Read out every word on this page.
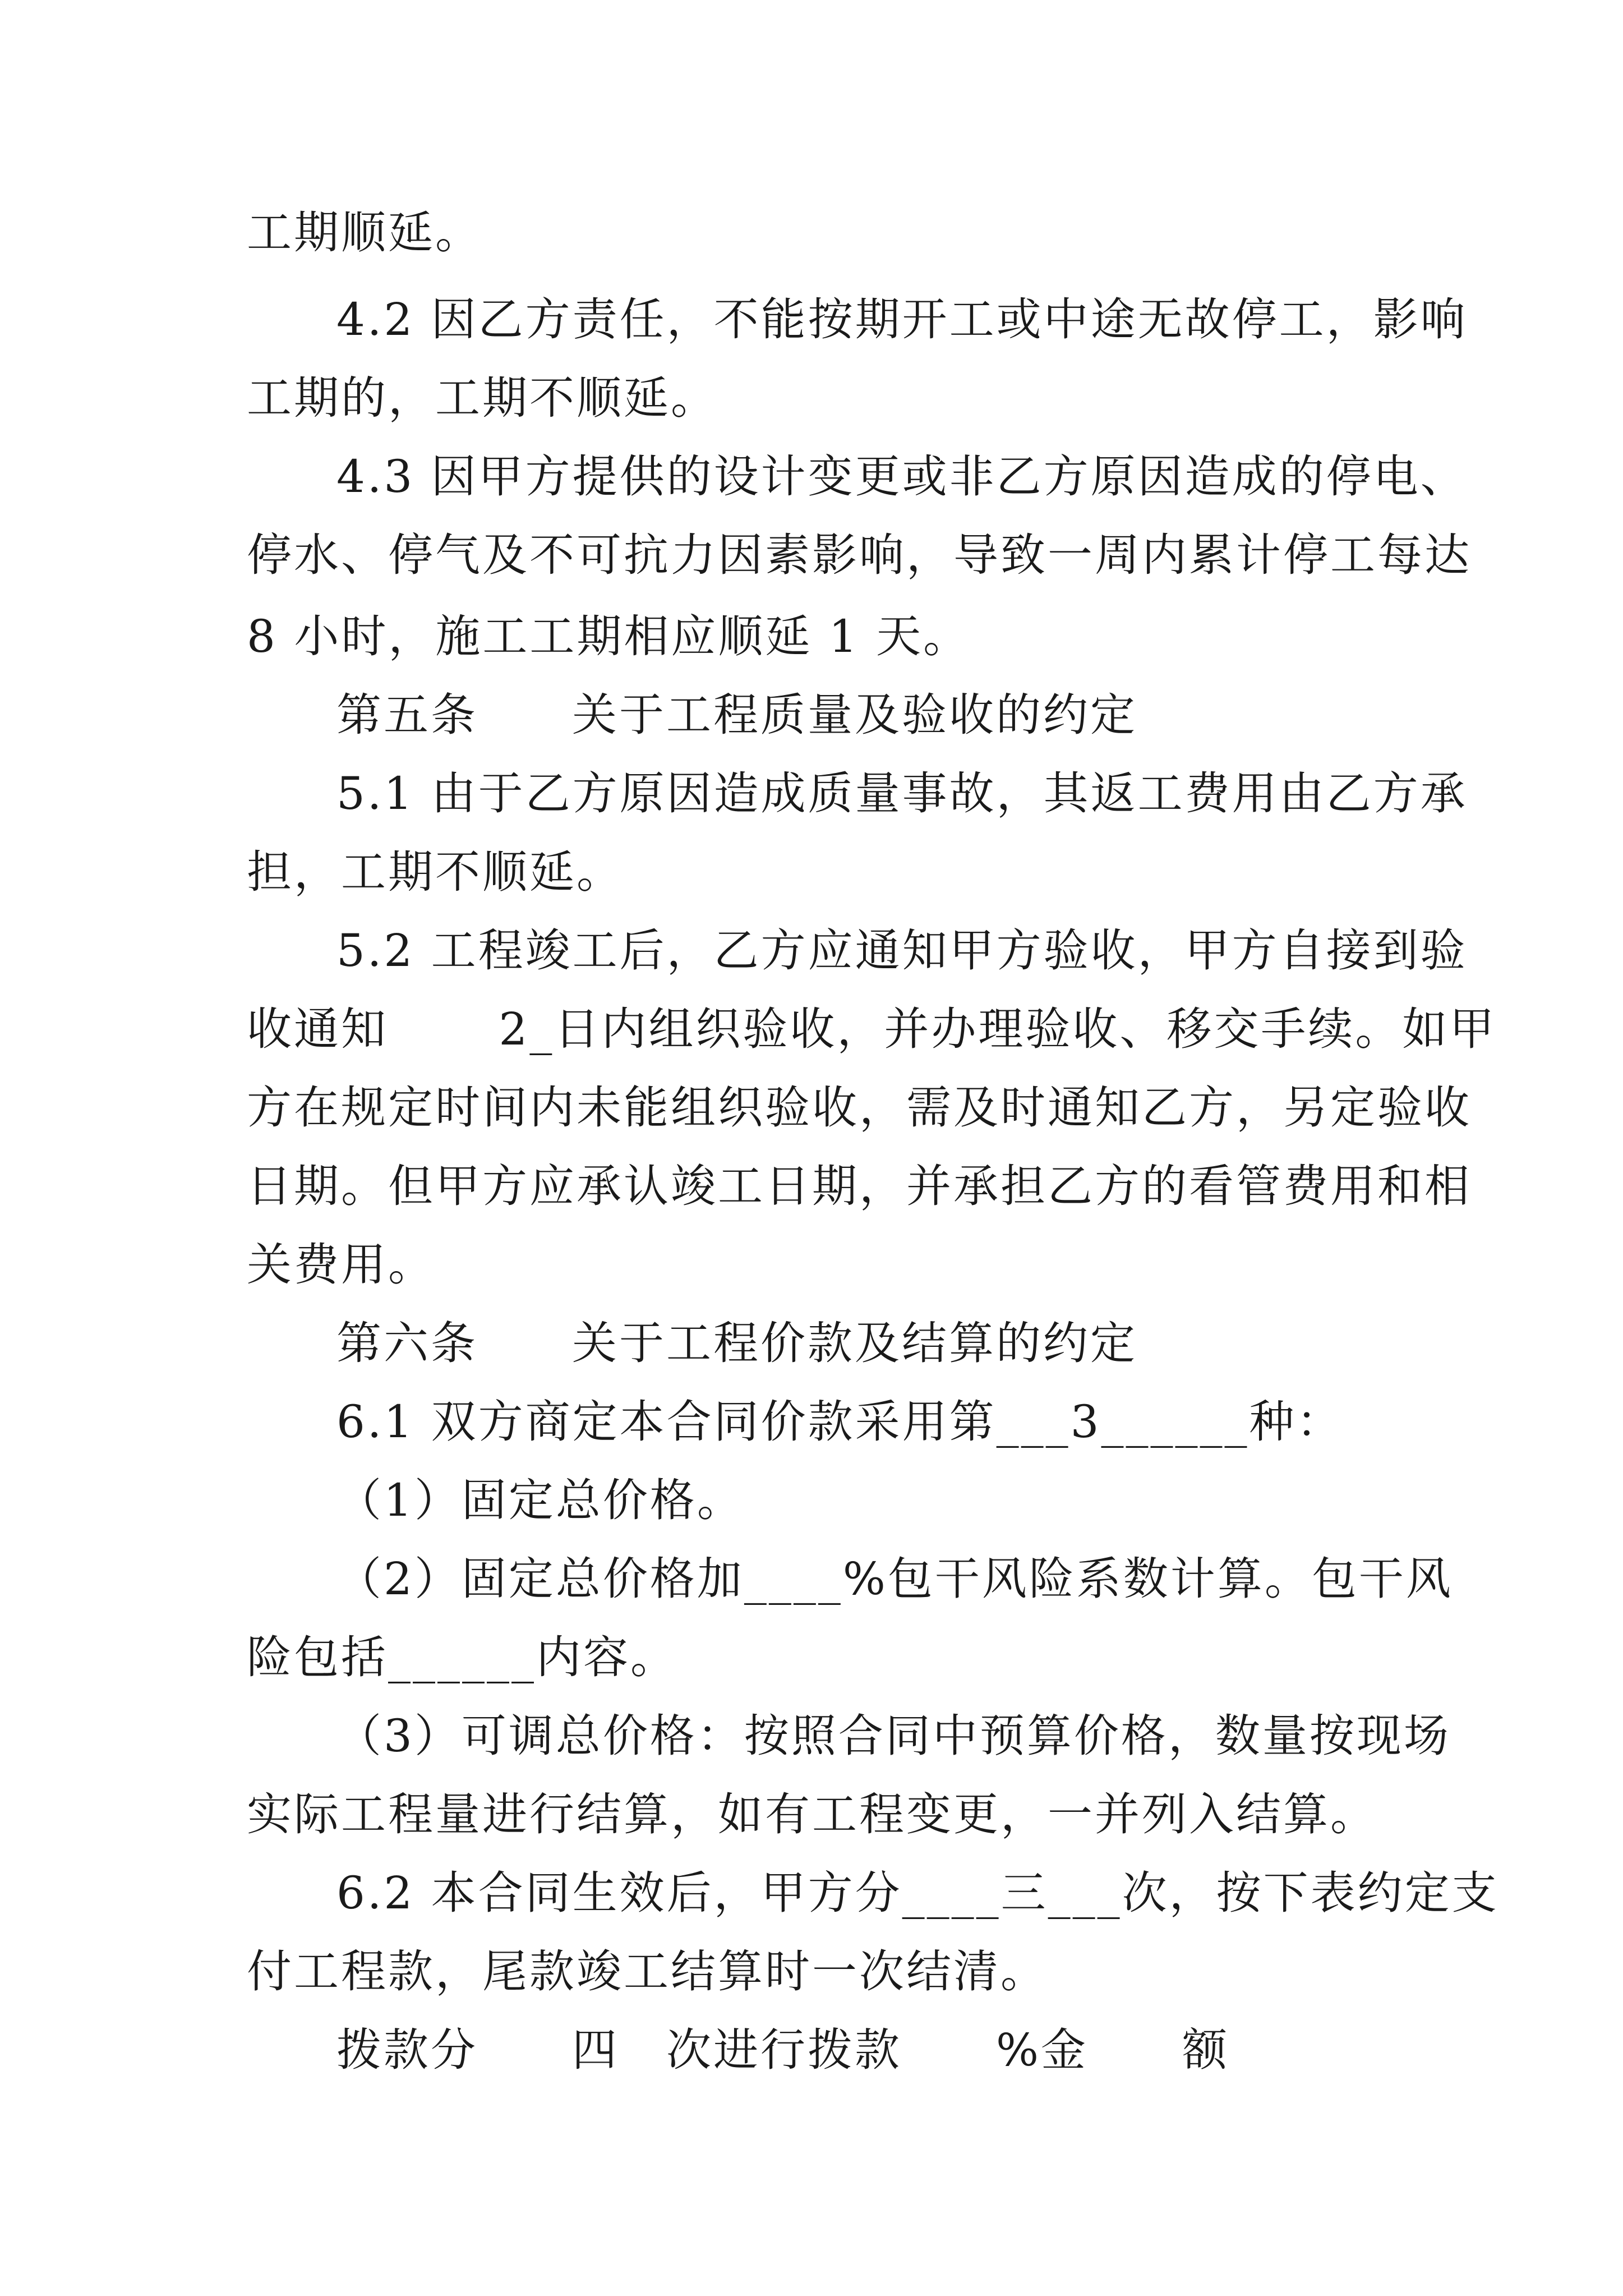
工期顺延。
4.2 因乙方责任，不能按期开工或中途无故停工，影响
工期的，工期不顺延。
4.3 因甲方提供的设计变更或非乙方原因造成的停电、
停水、停气及不可抗力因素影响，导致一周内累计停工每达
8 小时，施工工期相应顺延 1 天。
第五条　　关于工程质量及验收的约定
5.1 由于乙方原因造成质量事故，其返工费用由乙方承
担，工期不顺延。
5.2 工程竣工后，乙方应通知甲方验收，甲方自接到验
收通知　　 2_日内组织验收，并办理验收、移交手续。如甲
方在规定时间内未能组织验收，需及时通知乙方，另定验收
日期。但甲方应承认竣工日期，并承担乙方的看管费用和相
关费用。
第六条　　关于工程价款及结算的约定
6.1 双方商定本合同价款采用第___3______种：
（1）固定总价格。
（2）固定总价格加____%包干风险系数计算。包干风
险包括______内容。
（3）可调总价格：按照合同中预算价格，数量按现场
实际工程量进行结算，如有工程变更，一并列入结算。
6.2 本合同生效后，甲方分____三___次，按下表约定支
付工程款，尾款竣工结算时一次结清。
拨款分　　四　次进行拨款　　%金　　额
